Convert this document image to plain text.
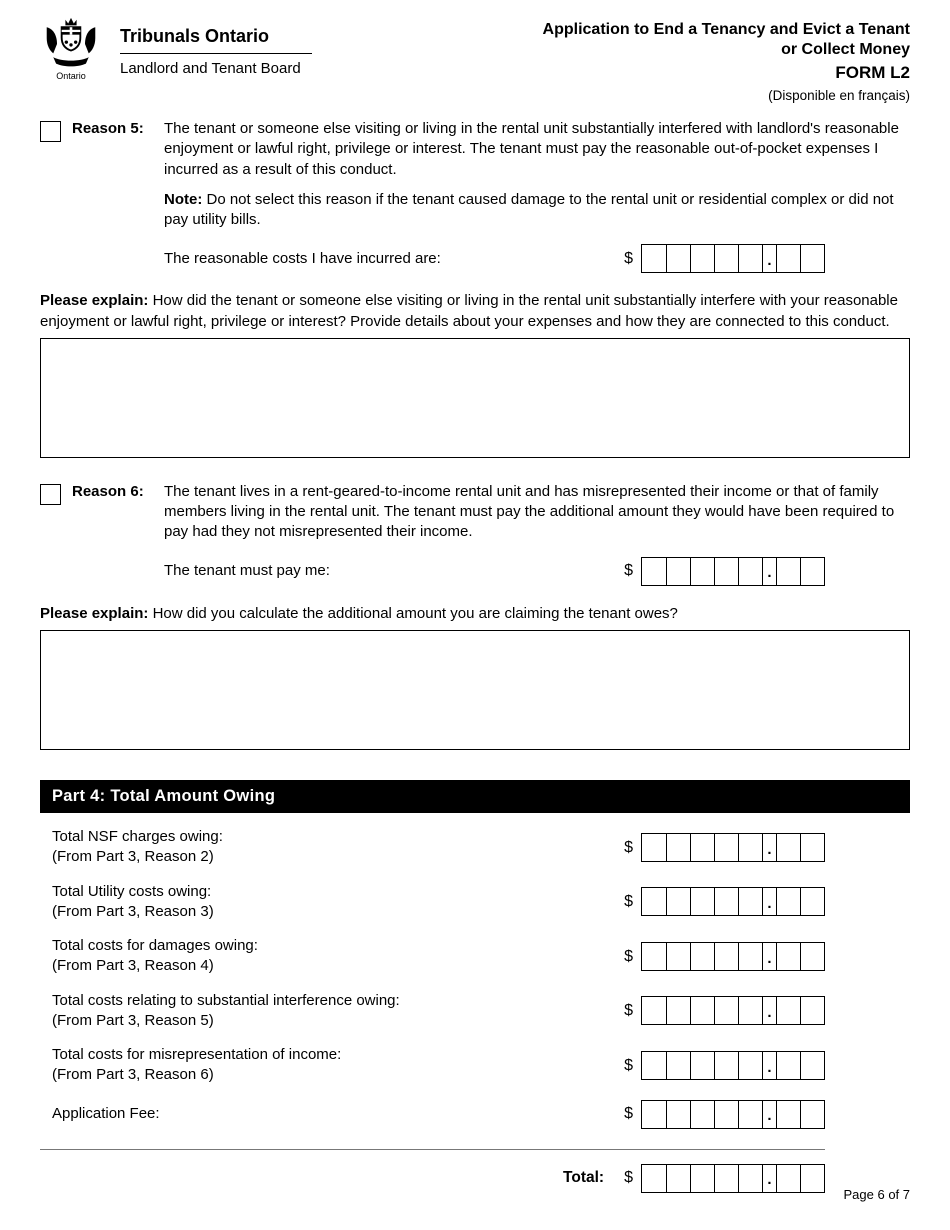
Ontario
Tribunals Ontario
Landlord and Tenant Board
Application to End a Tenancy and Evict a Tenant
or Collect Money
FORM L2
(Disponible en français)
Reason 5:	The tenant or someone else visiting or living in the rental unit substantially interfered with landlord's reasonable enjoyment or lawful right, privilege or interest. The tenant must pay the reasonable out-of-pocket expenses I incurred as a result of this conduct.
Note: Do not select this reason if the tenant caused damage to the rental unit or residential complex or did not pay utility bills.
The reasonable costs I have incurred are:	$	.

Please explain: How did the tenant or someone else visiting or living in the rental unit substantially interfere with your reasonable enjoyment or lawful right, privilege or interest? Provide details about your expenses and how they are connected to this conduct.

Reason 6:	The tenant lives in a rent-geared-to-income rental unit and has misrepresented their income or that of family members living in the rental unit. The tenant must pay the additional amount they would have been required to pay had they not misrepresented their income.
The tenant must pay me:	$	.

Please explain: How did you calculate the additional amount you are claiming the tenant owes?

Part 4: Total Amount Owing
Total NSF charges owing:
(From Part 3, Reason 2)
$	.
Total Utility costs owing:
(From Part 3, Reason 3)
$	.
Total costs for damages owing:
(From Part 3, Reason 4)
$	.
Total costs relating to substantial interference owing:
(From Part 3, Reason 5)
$	.
Total costs for misrepresentation of income:
(From Part 3, Reason 6)
$	.
Application Fee:	$	.
Total: $	.
Page 6 of 7
